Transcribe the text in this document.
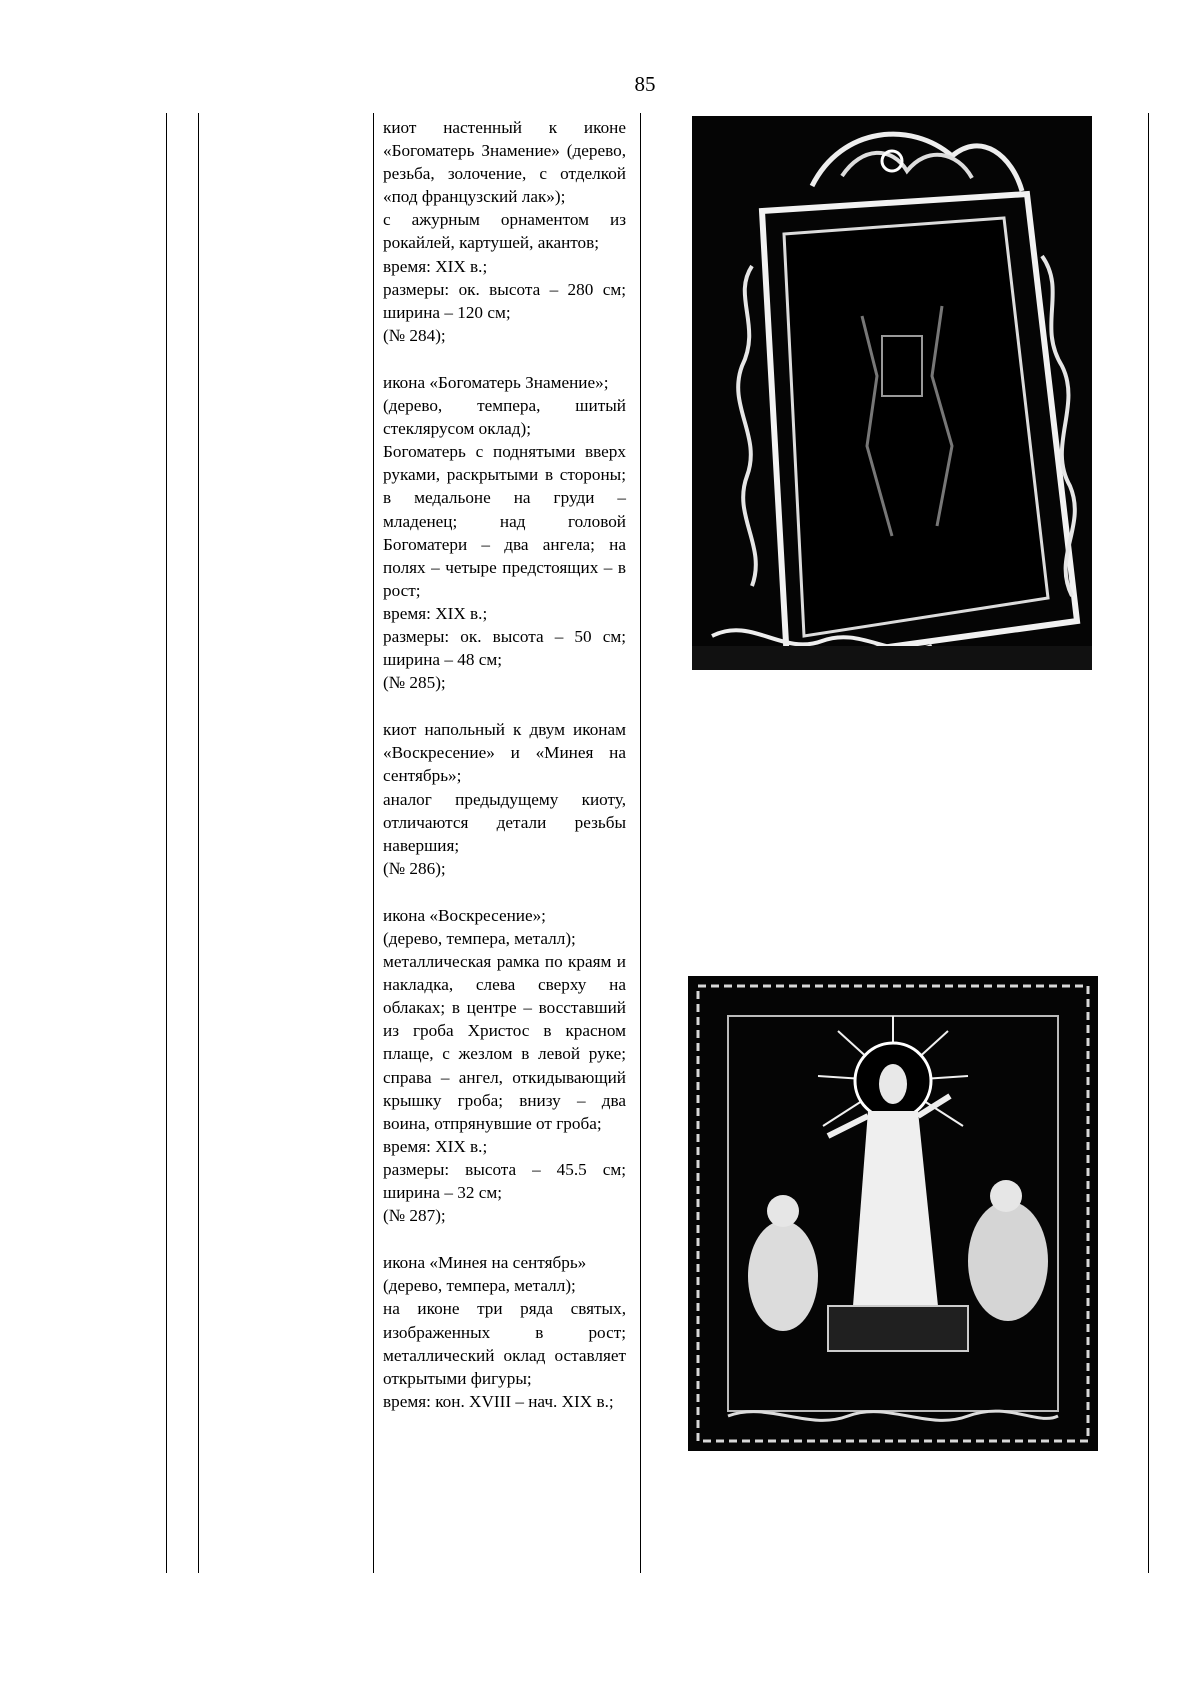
85

киот настенный к иконе «Богоматерь Знамение» (дерево, резьба, золочение, с отделкой «под французский лак»);

с ажурным орнаментом из рокайлей, картушей, акантов;

время: XIX в.;

размеры: ок. высота – 280 см; ширина – 120 см;

(№ 284);

икона «Богоматерь Знамение»;

(дерево, темпера, шитый стеклярусом оклад);

Богоматерь с поднятыми вверх руками, раскрытыми в стороны; в медальоне на груди – младенец; над головой Богоматери – два ангела; на полях – четыре предстоящих – в рост;

время: XIX в.;

размеры: ок. высота – 50 см; ширина – 48 см;

(№ 285);

киот напольный к двум иконам «Воскресение» и «Минея на сентябрь»;

аналог предыдущему киоту, отличаются детали резьбы навершия;

(№ 286);

икона «Воскресение»;

(дерево, темпера, металл);

металлическая рамка по краям и накладка, слева сверху на облаках; в центре – восставший из гроба Христос в красном плаще, с жезлом в левой руке; справа – ангел, откидывающий крышку гроба; внизу – два воина, отпрянувшие от гроба;

время: XIX в.;

размеры: высота – 45.5 см; ширина – 32 см;

(№ 287);

икона «Минея на сентябрь»

(дерево, темпера, металл);

на иконе три ряда святых, изображенных в рост; металлический оклад оставляет открытыми фигуры;

время: кон. XVIII – нач. XIX в.;
